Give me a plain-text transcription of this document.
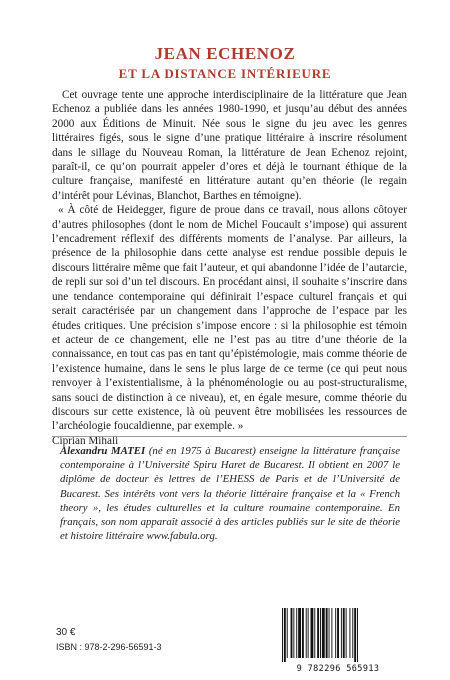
JEAN ECHENOZ
ET LA DISTANCE INTÉRIEURE

Cet ouvrage tente une approche interdisciplinaire de la littérature que Jean Echenoz a publiée dans les années 1980-1990, et jusqu’au début des années 2000 aux Éditions de Minuit. Née sous le signe du jeu avec les genres littéraires figés, sous le signe d’une pratique littéraire à inscrire résolument dans le sillage du Nouveau Roman, la littérature de Jean Echenoz rejoint, paraît-il, ce qu’on pourrait appeler d’ores et déjà le tournant éthique de la culture française, manifesté en littérature autant qu’en théorie (le regain d’intérêt pour Lévinas, Blanchot, Barthes en témoigne).

« À côté de Heidegger, figure de proue dans ce travail, nous allons côtoyer d’autres philosophes (dont le nom de Michel Foucault s’impose) qui assurent l’encadrement réflexif des différents moments de l’analyse. Par ailleurs, la présence de la philosophie dans cette analyse est rendue possible depuis le discours littéraire même que fait l’auteur, et qui abandonne l’idée de l’autarcie, de repli sur soi d’un tel discours. En procédant ainsi, il souhaite s’inscrire dans une tendance contemporaine qui définirait l’espace culturel français et qui serait caractérisée par un changement dans l’approche de l’espace par les études critiques. Une précision s’impose encore : si la philosophie est témoin et acteur de ce changement, elle ne l’est pas au titre d’une théorie de la connaissance, en tout cas pas en tant qu’épistémologie, mais comme théorie de l’existence humaine, dans le sens le plus large de ce terme (ce qui peut nous renvoyer à l’existentialisme, à la phénoménologie ou au post-structuralisme, sans souci de distinction à ce niveau), et, en égale mesure, comme théorie du discours sur cette existence, là où peuvent être mobilisées les ressources de l’archéologie foucaldienne, par exemple. »

Ciprian Mihali

Alexandru MATEI (né en 1975 à Bucarest) enseigne la littérature française contemporaine à l’Université Spiru Haret de Bucarest. Il obtient en 2007 le diplôme de docteur ès lettres de l’EHESS de Paris et de l’Université de Bucarest. Ses intérêts vont vers la théorie littéraire française et la « French theory », les études culturelles et la culture roumaine contemporaine. En français, son nom apparaît associé à des articles publiés sur le site de théorie et histoire littéraire www.fabula.org.
30 €
ISBN : 978-2-296-56591-3
9 782296 565913
